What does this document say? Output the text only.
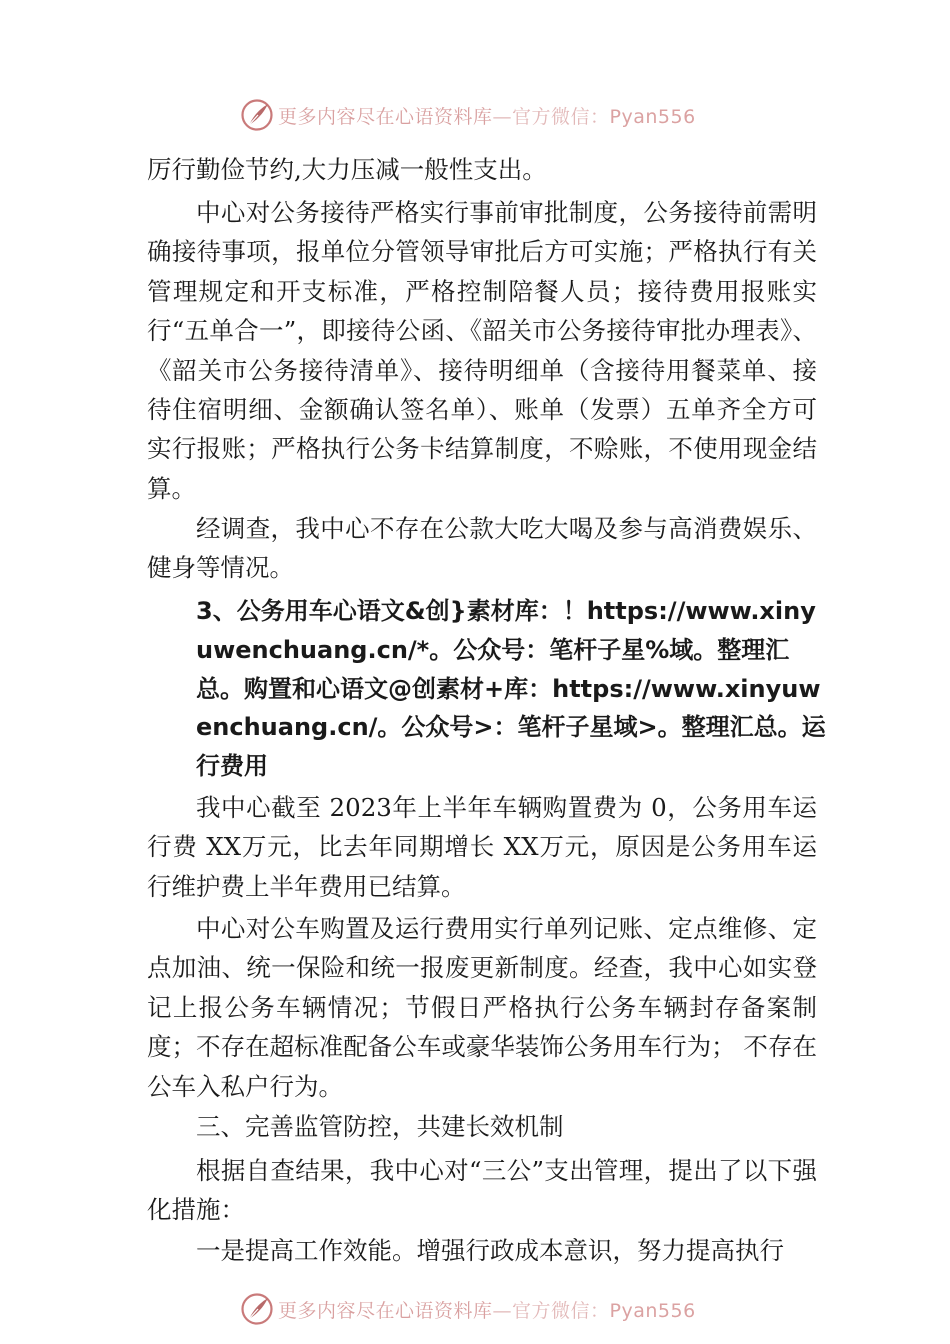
更多内容尽在心语资料库—官方微信：Pyan556

厉行勤俭节约,大力压减一般性支出。

中心对公务接待严格实行事前审批制度，公务接待前需明确接待事项，报单位分管领导审批后方可实施；严格执行有关管理规定和开支标准，严格控制陪餐人员；接待费用报账实行“五单合一”，即接待公函、《韶关市公务接待审批办理表》、《韶关市公务接待清单》、接待明细单（含接待用餐菜单、接待住宿明细、金额确认签名单）、账单（发票）五单齐全方可实行报账；严格执行公务卡结算制度，不赊账，不使用现金结算。

经调查，我中心不存在公款大吃大喝及参与高消费娱乐、健身等情况。

3、公务用车心语文&创}素材库：！https://www.xinyuwenchuang.cn/*。公众号：笔杆子星%域。整理汇总。购置和心语文@创素材+库：https://www.xinyuwenchuang.cn/。公众号>：笔杆子星域>。整理汇总。运行费用

我中心截至 2023年上半年车辆购置费为 0，公务用车运行费 XX万元，比去年同期增长 XX万元，原因是公务用车运行维护费上半年费用已结算。

中心对公车购置及运行费用实行单列记账、定点维修、定点加油、统一保险和统一报废更新制度。经查，我中心如实登记上报公务车辆情况；节假日严格执行公务车辆封存备案制度；不存在超标准配备公车或豪华装饰公务用车行为； 不存在公车入私户行为。

三、完善监管防控，共建长效机制

根据自查结果，我中心对“三公”支出管理，提出了以下强化措施：

一是提高工作效能。增强行政成本意识，努力提高执行

更多内容尽在心语资料库—官方微信：Pyan556
